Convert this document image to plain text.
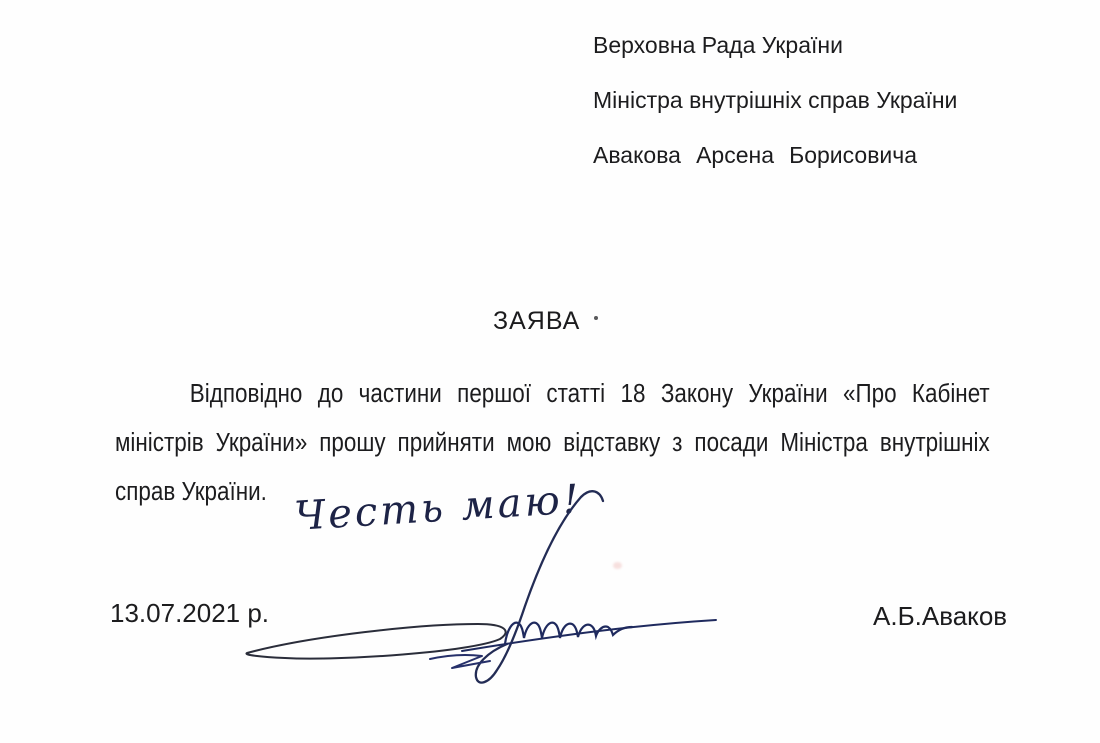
Верховна Рада України
Міністра внутрішніх справ України
Авакова Арсена Борисовича
ЗАЯВА
Відповідно до частини першої статті 18 Закону України «Про Кабінет
міністрів України» прошу прийняти мою відставку з посади Міністра внутрішніх
справ України. Честь маю!
13.07.2021 р.	А.Б.Аваков
